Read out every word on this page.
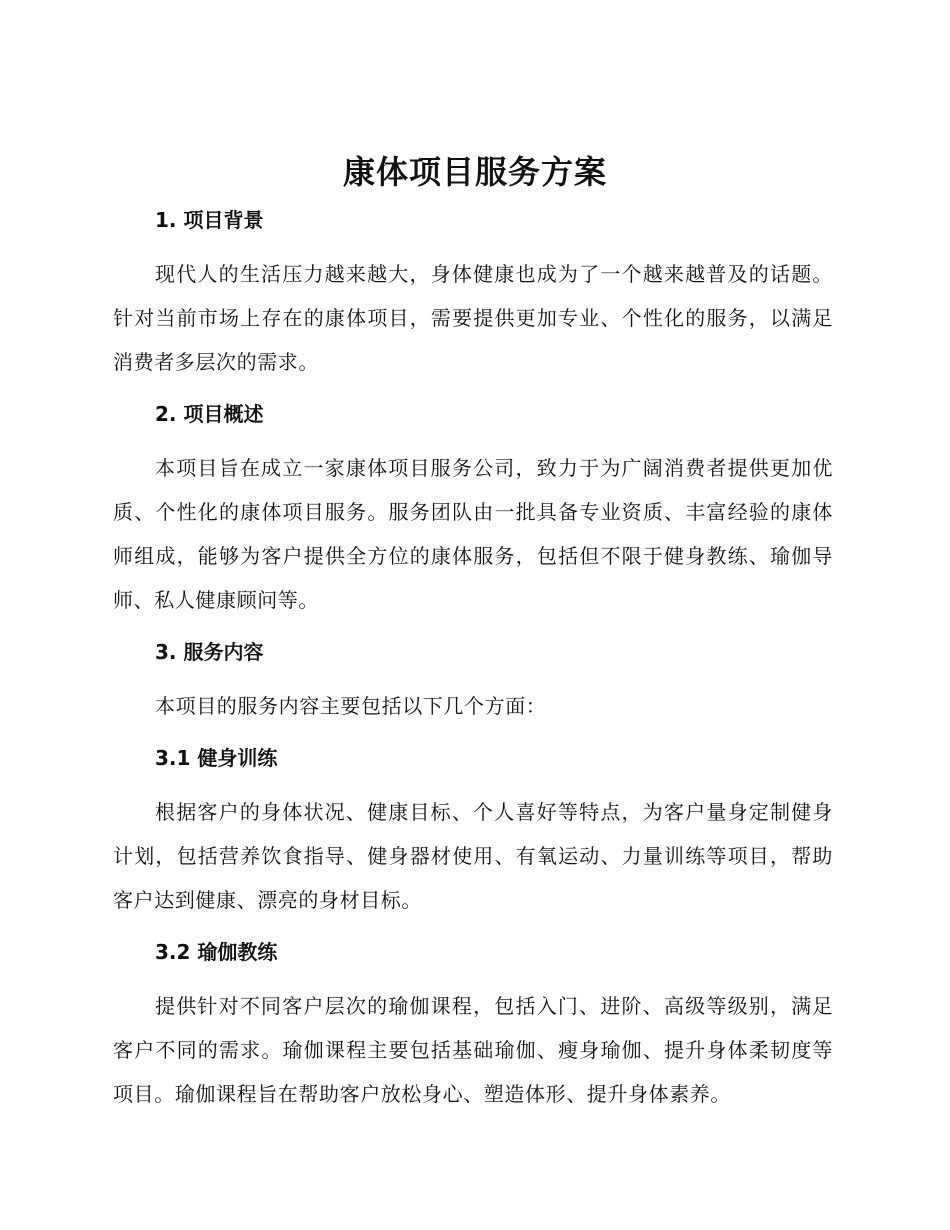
康体项目服务方案
1. 项目背景

现代人的生活压力越来越大，身体健康也成为了一个越来越普及的话题。针对当前市场上存在的康体项目，需要提供更加专业、个性化的服务，以满足消费者多层次的需求。

2. 项目概述

本项目旨在成立一家康体项目服务公司，致力于为广阔消费者提供更加优质、个性化的康体项目服务。服务团队由一批具备专业资质、丰富经验的康体师组成，能够为客户提供全方位的康体服务，包括但不限于健身教练、瑜伽导师、私人健康顾问等。

3. 服务内容

本项目的服务内容主要包括以下几个方面：

3.1 健身训练

根据客户的身体状况、健康目标、个人喜好等特点，为客户量身定制健身计划，包括营养饮食指导、健身器材使用、有氧运动、力量训练等项目，帮助客户达到健康、漂亮的身材目标。

3.2 瑜伽教练

提供针对不同客户层次的瑜伽课程，包括入门、进阶、高级等级别，满足客户不同的需求。瑜伽课程主要包括基础瑜伽、瘦身瑜伽、提升身体柔韧度等项目。瑜伽课程旨在帮助客户放松身心、塑造体形、提升身体素养。
